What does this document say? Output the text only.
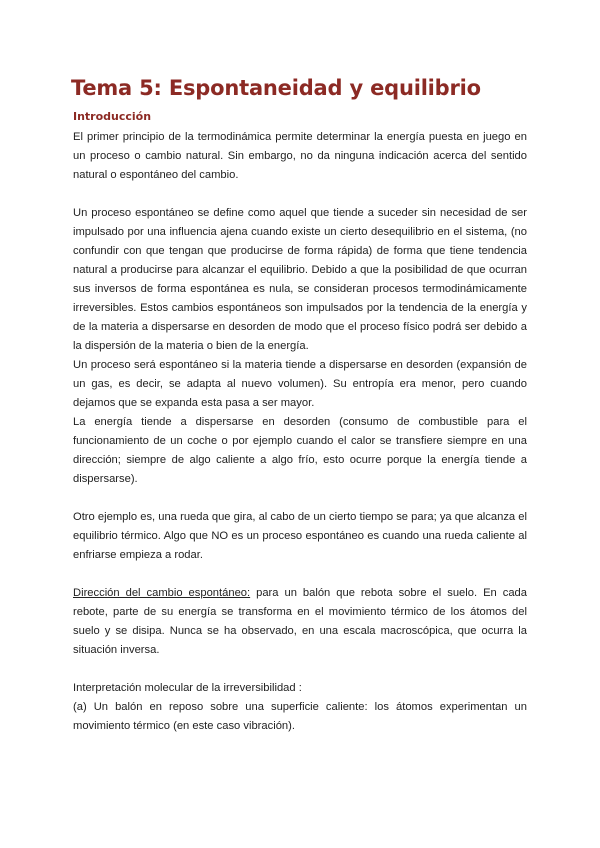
Tema 5: Espontaneidad y equilibrio
Introducción

El primer principio de la termodinámica permite determinar la energía puesta en juego en un proceso o cambio natural. Sin embargo, no da ninguna indicación acerca del sentido natural o espontáneo del cambio.

Un proceso espontáneo se define como aquel que tiende a suceder sin necesidad de ser impulsado por una influencia ajena cuando existe un cierto desequilibrio en el sistema, (no confundir con que tengan que producirse de forma rápida) de forma que tiene tendencia natural a producirse para alcanzar el equilibrio. Debido a que la posibilidad de que ocurran sus inversos de forma espontánea es nula, se consideran procesos termodinámicamente irreversibles. Estos cambios espontáneos son impulsados por la tendencia de la energía y de la materia a dispersarse en desorden de modo que el proceso físico podrá ser debido a la dispersión de la materia o bien de la energía.

Un proceso será espontáneo si la materia tiende a dispersarse en desorden (expansión de un gas, es decir, se adapta al nuevo volumen). Su entropía era menor, pero cuando dejamos que se expanda esta pasa a ser mayor.

La energía tiende a dispersarse en desorden (consumo de combustible para el funcionamiento de un coche o por ejemplo cuando el calor se transfiere siempre en una dirección; siempre de algo caliente a algo frío, esto ocurre porque la energía tiende a dispersarse).

Otro ejemplo es, una rueda que gira, al cabo de un cierto tiempo se para; ya que alcanza el equilibrio térmico. Algo que NO es un proceso espontáneo es cuando una rueda caliente al enfriarse empieza a rodar.

Dirección del cambio espontáneo: para un balón que rebota sobre el suelo. En cada rebote, parte de su energía se transforma en el movimiento térmico de los átomos del suelo y se disipa. Nunca se ha observado, en una escala macroscópica, que ocurra la situación inversa.

Interpretación molecular de la irreversibilidad :

(a) Un balón en reposo sobre una superficie caliente: los átomos experimentan un movimiento térmico (en este caso vibración).
